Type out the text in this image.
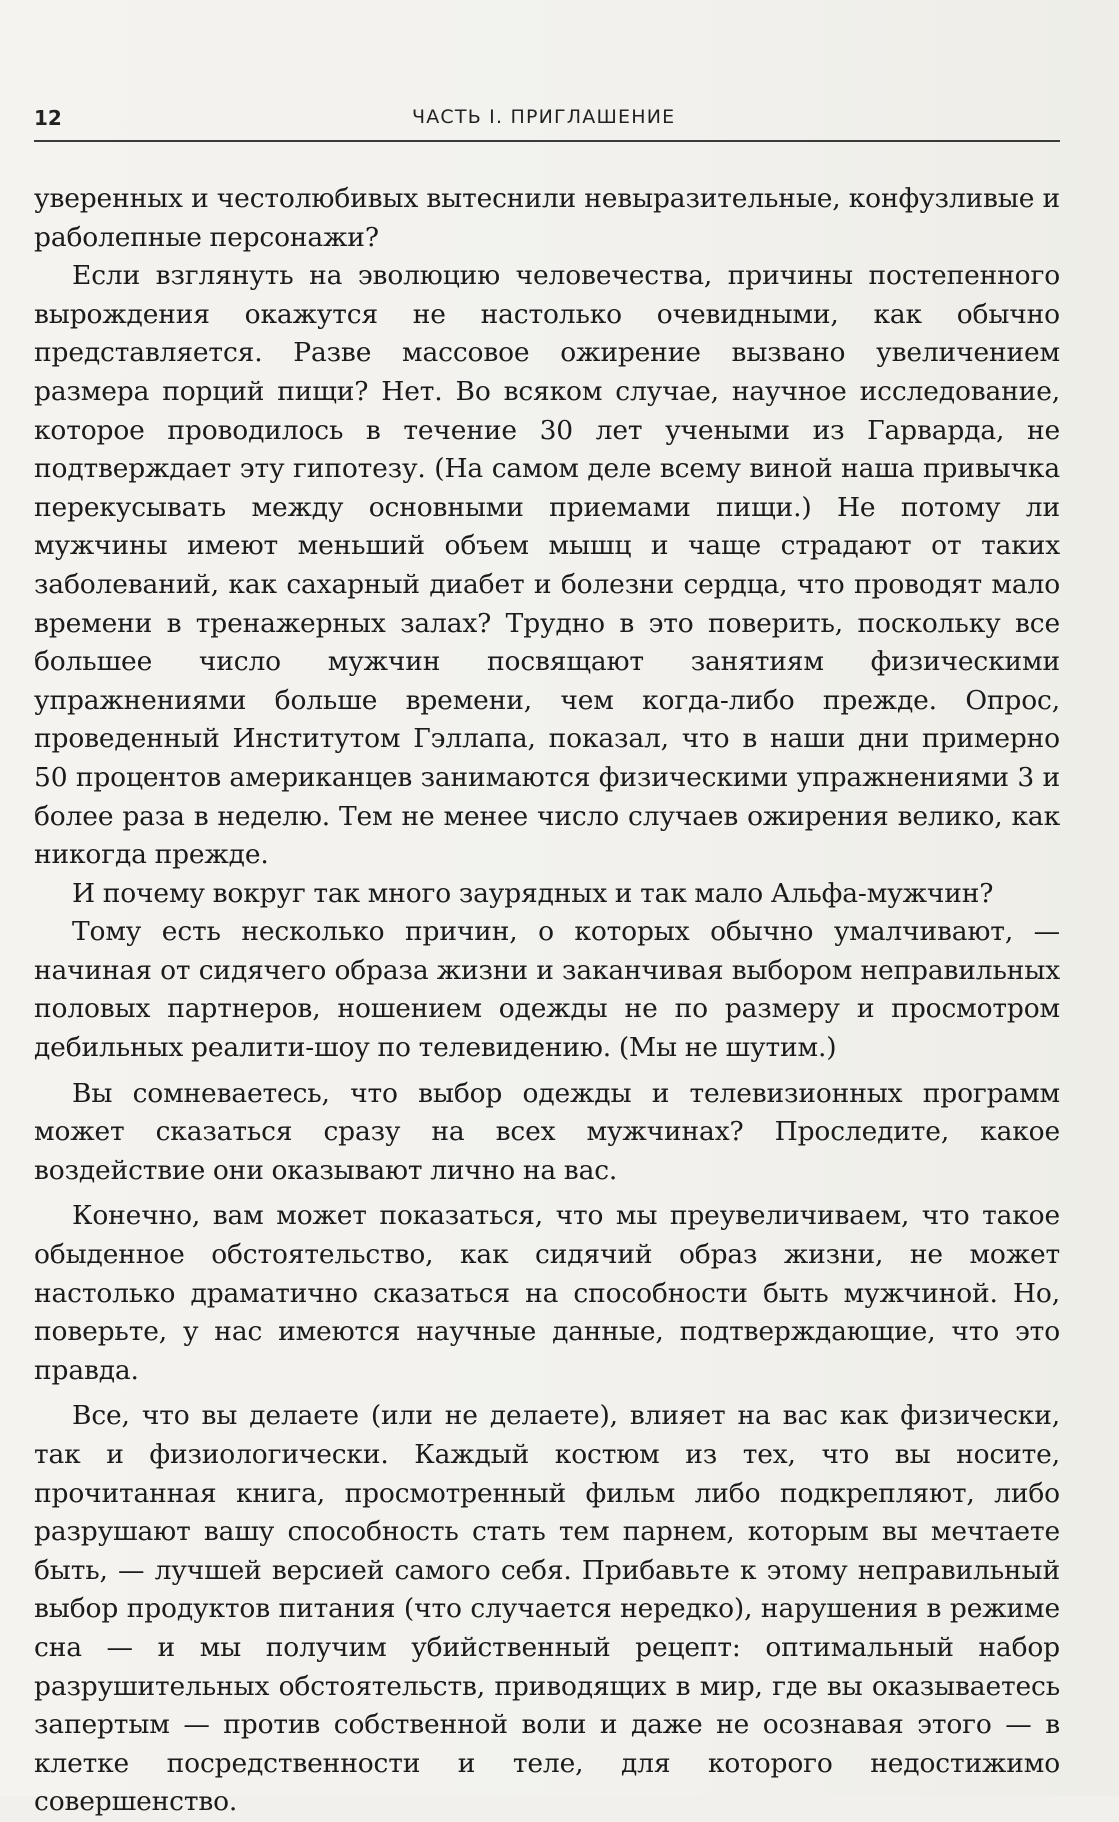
12	ЧАСТЬ I. ПРИГЛАШЕНИЕ

уверенных и честолюбивых вытеснили невыразительные, конфузливые и раболепные персонажи?

Если взглянуть на эволюцию человечества, причины постепенного вырождения окажутся не настолько очевидными, как обычно представляется. Разве массовое ожирение вызвано увеличением размера порций пищи? Нет. Во всяком случае, научное исследование, которое проводилось в течение 30 лет учеными из Гарварда, не подтверждает эту гипотезу. (На самом деле всему виной наша привычка перекусывать между основными приемами пищи.) Не потому ли мужчины имеют меньший объем мышц и чаще страдают от таких заболеваний, как сахарный диабет и болезни сердца, что проводят мало времени в тренажерных залах? Трудно в это поверить, поскольку все большее число мужчин посвящают занятиям физическими упражнениями больше времени, чем когда-либо прежде. Опрос, проведенный Институтом Гэллапа, показал, что в наши дни примерно 50 процентов американцев занимаются физическими упражнениями 3 и более раза в неделю. Тем не менее число случаев ожирения велико, как никогда прежде.

И почему вокруг так много заурядных и так мало Альфа-мужчин?

Тому есть несколько причин, о которых обычно умалчивают, — начиная от сидячего образа жизни и заканчивая выбором неправильных половых партнеров, ношением одежды не по размеру и просмотром дебильных реалити-шоу по телевидению. (Мы не шутим.)

Вы сомневаетесь, что выбор одежды и телевизионных программ может сказаться сразу на всех мужчинах? Проследите, какое воздействие они оказывают лично на вас.

Конечно, вам может показаться, что мы преувеличиваем, что такое обыденное обстоятельство, как сидячий образ жизни, не может настолько драматично сказаться на способности быть мужчиной. Но, поверьте, у нас имеются научные данные, подтверждающие, что это правда.

Все, что вы делаете (или не делаете), влияет на вас как физически, так и физиологически. Каждый костюм из тех, что вы носите, прочитанная книга, просмотренный фильм либо подкрепляют, либо разрушают вашу способность стать тем парнем, которым вы мечтаете быть, — лучшей версией самого себя. Прибавьте к этому неправильный выбор продуктов питания (что случается нередко), нарушения в режиме сна — и мы получим убийственный рецепт: оптимальный набор разрушительных обстоятельств, приводящих в мир, где вы оказываетесь запертым — против собственной воли и даже не осознавая этого — в клетке посредственности и теле, для которого недостижимо совершенство.
